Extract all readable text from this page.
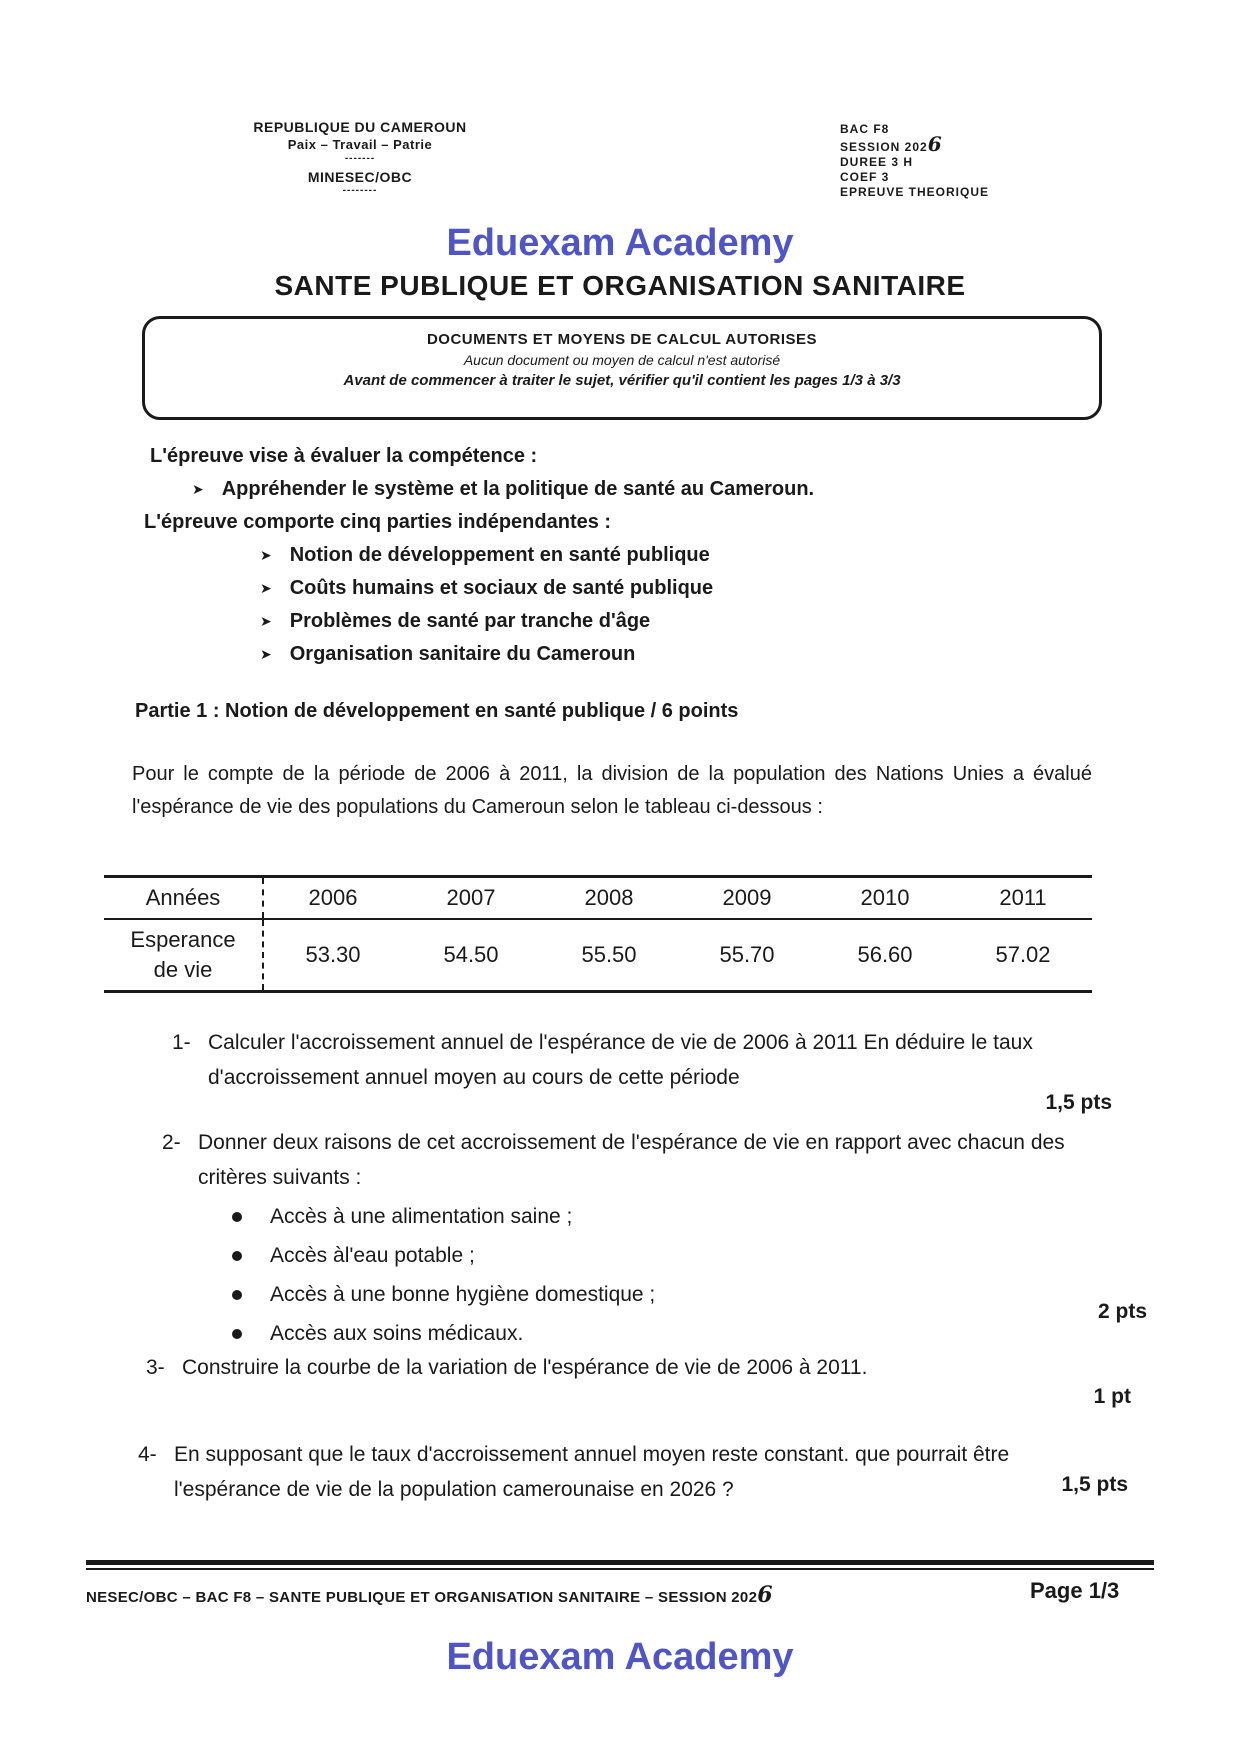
REPUBLIQUE DU CAMEROUN
Paix – Travail – Patrie
-------
MINESEC/OBC
--------
BAC F8
SESSION 2026
DUREE 3 H
COEF 3
EPREUVE THEORIQUE
Eduexam Academy
SANTE PUBLIQUE ET ORGANISATION SANITAIRE
DOCUMENTS ET MOYENS DE CALCUL AUTORISES
Aucun document ou moyen de calcul n'est autorisé
Avant de commencer à traiter le sujet, vérifier qu'il contient les pages 1/3 à 3/3
L'épreuve vise à évaluer la compétence :
➤ Appréhender le système et la politique de santé au Cameroun.
L'épreuve comporte cinq parties indépendantes :
➤ Notion de développement en santé publique
➤ Coûts humains et sociaux de santé publique
➤ Problèmes de santé par tranche d'âge
➤ Organisation sanitaire du Cameroun
Partie 1 : Notion de développement en santé publique / 6 points
Pour le compte de la période de 2006 à 2011, la division de la population des Nations Unies a évalué l'espérance de vie des populations du Cameroun selon le tableau ci-dessous :
Années	2006	2007	2008	2009	2010	2011

Esperance
de vie	53.30	54.50	55.50	55.70	56.60	57.02
1- Calculer l'accroissement annuel de l'espérance de vie de 2006 à 2011 En déduire le taux d'accroissement annuel moyen au cours de cette période
1,5 pts
2- Donner deux raisons de cet accroissement de l'espérance de vie en rapport avec chacun des critères suivants :
Accès à une alimentation saine ;
Accès àl'eau potable ;
Accès à une bonne hygiène domestique ;
Accès aux soins médicaux.
2 pts
3- Construire la courbe de la variation de l'espérance de vie de 2006 à 2011.
1 pt
4- En supposant que le taux d'accroissement annuel moyen reste constant. que pourrait être l'espérance de vie de la population camerounaise en 2026 ?	1,5 pts
NESEC/OBC – BAC F8 – SANTE PUBLIQUE ET ORGANISATION SANITAIRE – SESSION 2026	Page 1/3
Eduexam Academy
